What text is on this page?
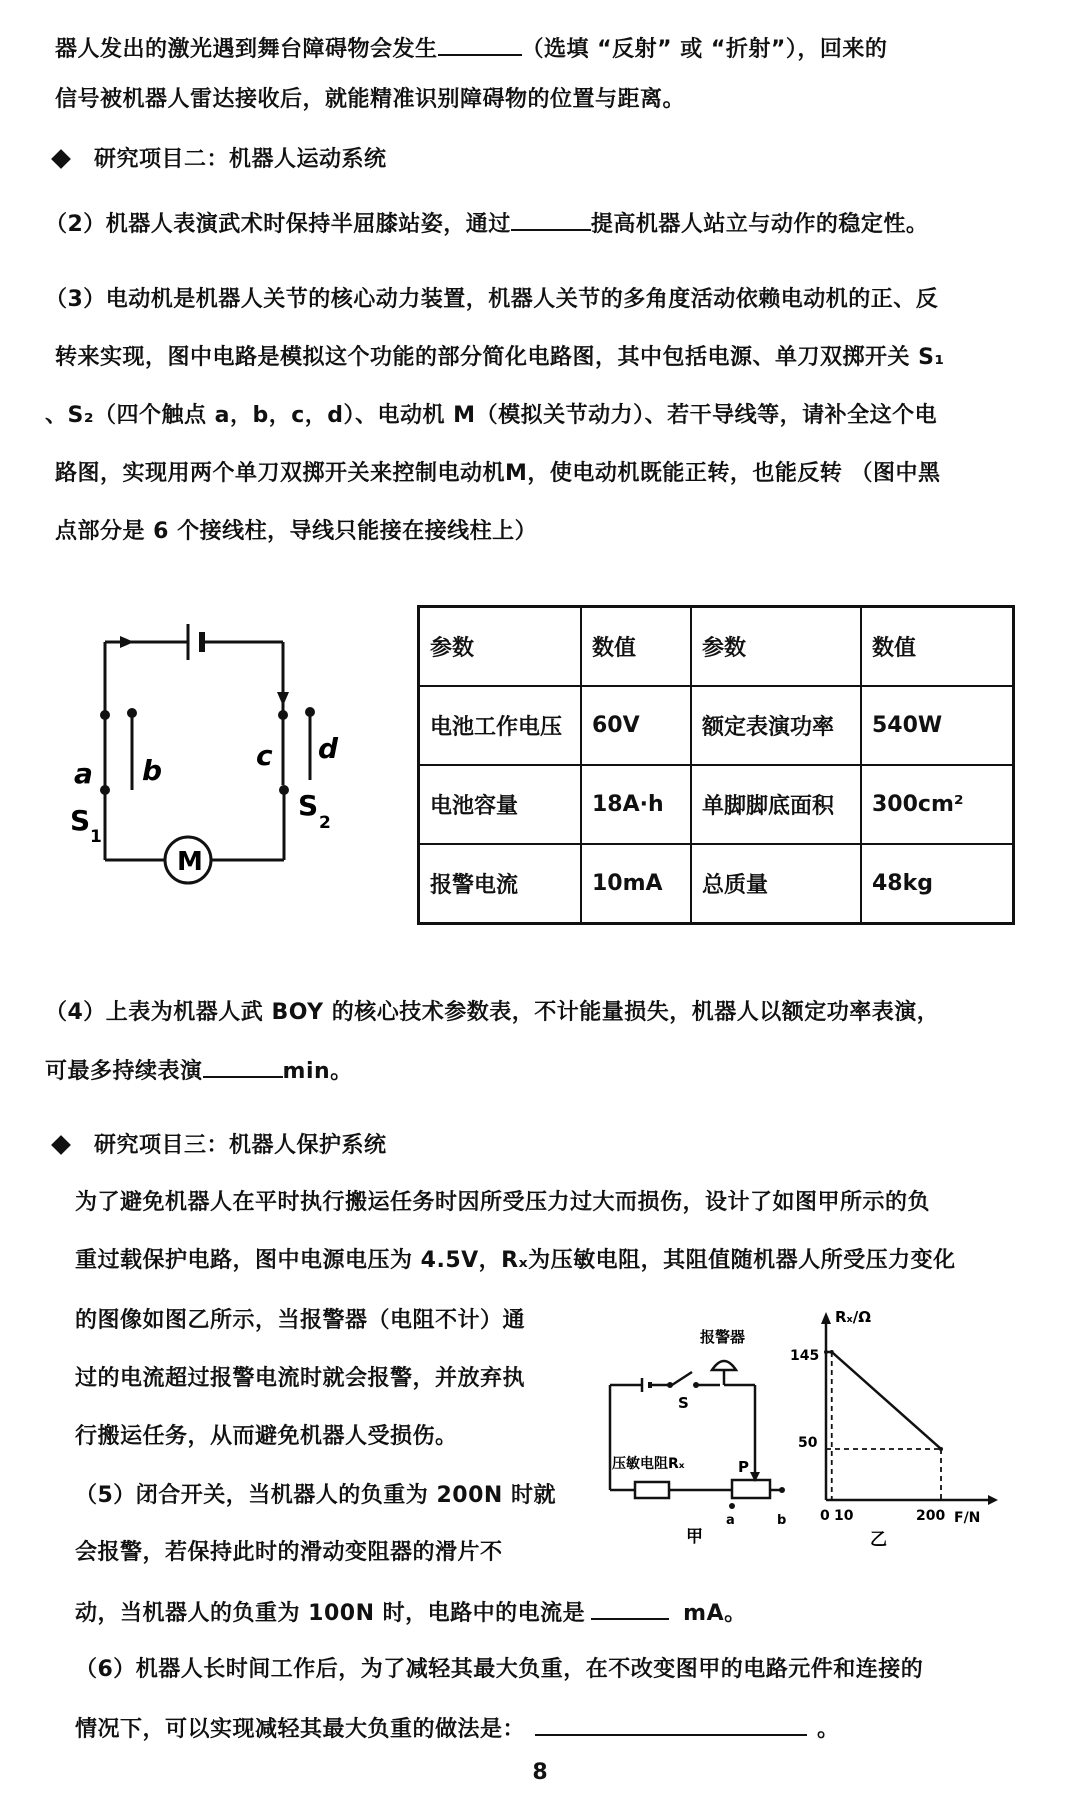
器人发出的激光遇到舞台障碍物会发生	（选填 “反射” 或 “折射”），回来的
信号被机器人雷达接收后，就能精准识别障碍物的位置与距离。
研究项目二：机器人运动系统
（2）机器人表演武术时保持半屈膝站姿，通过	提高机器人站立与动作的稳定性。
（3）电动机是机器人关节的核心动力装置，机器人关节的多角度活动依赖电动机的正、反
转来实现，图中电路是模拟这个功能的部分简化电路图，其中包括电源、单刀双掷开关 S₁
、S₂（四个触点 a，b，c，d）、电动机 M（模拟关节动力）、若干导线等，请补全这个电
路图，实现用两个单刀双掷开关来控制电动机M，使电动机既能正转，也能反转 （图中黑
点部分是 6 个接线柱，导线只能接在接线柱上）
a b	c d
S 1
S
2
M
参数	数值	参数	数值
电池工作电压	60V	额定表演功率	540W
电池容量	18A·h	单脚脚底面积	300cm²
报警电流	10mA	总质量	48kg
（4）上表为机器人武 BOY 的核心技术参数表，不计能量损失，机器人以额定功率表演，
可最多持续表演	min。
研究项目三：机器人保护系统
为了避免机器人在平时执行搬运任务时因所受压力过大而损伤，设计了如图甲所示的负
重过载保护电路，图中电源电压为 4.5V，Rₓ为压敏电阻，其阻值随机器人所受压力变化
的图像如图乙所示，当报警器（电阻不计）通
过的电流超过报警电流时就会报警，并放弃执
行搬运任务，从而避免机器人受损伤。
（5）闭合开关，当机器人的负重为 200N 时就
会报警，若保持此时的滑动变阻器的滑片不
动，当机器人的负重为 100N 时，电路中的电流是	mA。
（6）机器人长时间工作后，为了减轻其最大负重，在不改变图甲的电路元件和连接的
情况下，可以实现减轻其最大负重的做法是：	。
报警器
S
压敏电阻Rₓ	P
a	b
甲
Rₓ/Ω
F/N
0
145
50
10	200
乙
8
